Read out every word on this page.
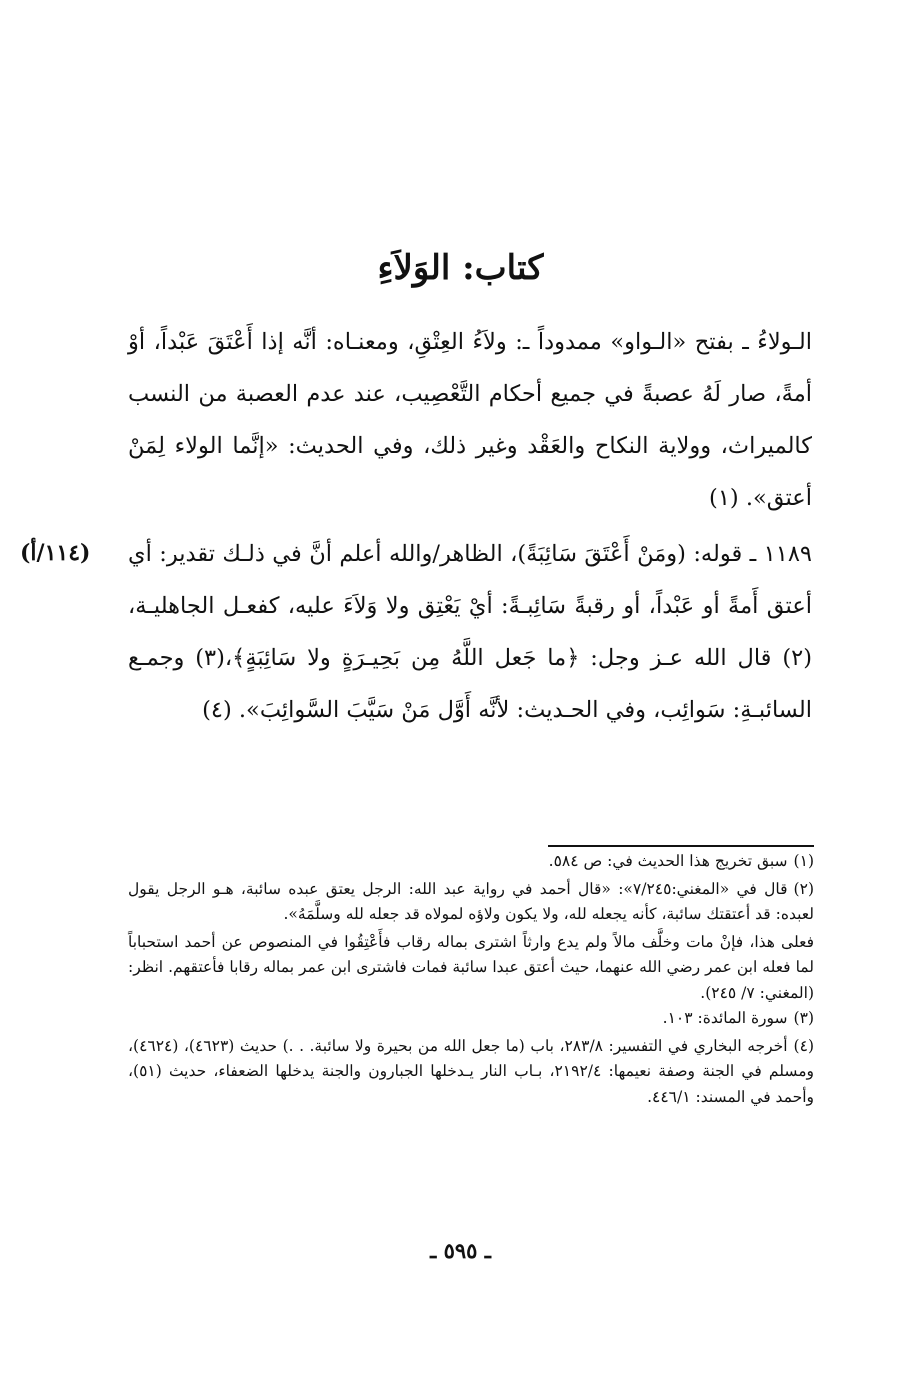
كتاب: الوَلاَءِ

الـولاءُ ـ بفتح «الـواو» ممدوداً ـ: ولاَءُ العِتْقِ، ومعنـاه: أنَّه إذا أَعْتَقَ عَبْداً، أوْ أمةً، صار لَهُ عصبةً في جميع أحكام التَّعْصِيب، عند عدم العصبة من النسب كالميراث، وولاية النكاح والعَقْد وغير ذلك، وفي الحديث: «إنَّما الولاء لِمَنْ أعتق». (١)

(١١٤/أ)	١١٨٩ ـ قوله: (ومَنْ أَعْتَقَ سَائِبَةً)، الظاهر/والله أعلم أنَّ في ذلـك تقدير: أي أعتق أَمةً أو عَبْداً، أو رقبةً سَائِبـةً: أيْ يَعْتِق ولا وَلاَءَ عليه، كفعـل الجاهليـة،(٢) قال الله عـز وجل: ﴿ما جَعل اللَّهُ مِن بَحِيـرَةٍ ولا سَائِبَةٍ﴾،(٣) وجمـع السائبـةِ: سَوائِب، وفي الحـديث: لأنَّه أَوَّل مَنْ سَيَّبَ السَّوائِبَ». (٤)

(١)سبق تخريج هذا الحديث في: ص ٥٨٤.

(٢)قال في «المغني:٧/٢٤٥»: «قال أحمد في رواية عبد الله: الرجل يعتق عبده سائبة، هـو الرجل يقول لعبده: قد أعتقتك سائبة، كأنه يجعله لله، ولا يكون ولاؤه لمولاه قد جعله لله وسلَّمَهُ».

فعلى هذا، فإنْ مات وخلَّف مالاً ولم يدع وارثاً اشترى بماله رقاب فأَعْتِقُوا في المنصوص عن أحمد استحباباً لما فعله ابن عمر رضي الله عنهما، حيث أعتق عبدا سائبة فمات فاشترى ابن عمر بماله رقابا فأعتقهم. انظر: (المغني: ٧/ ٢٤٥).

(٣)سورة المائدة: ١٠٣.

(٤)أخرجه البخاري في التفسير: ٢٨٣/٨، باب (ما جعل الله من بحيرة ولا سائبة. . .) حديث (٤٦٢٣)، (٤٦٢٤)، ومسلم في الجنة وصفة نعيمها: ٢١٩٢/٤، بـاب النار يـدخلها الجبارون والجنة يدخلها الضعفاء، حديث (٥١)، وأحمد في المسند: ٤٤٦/١.

ـ ٥٩٥ ـ
